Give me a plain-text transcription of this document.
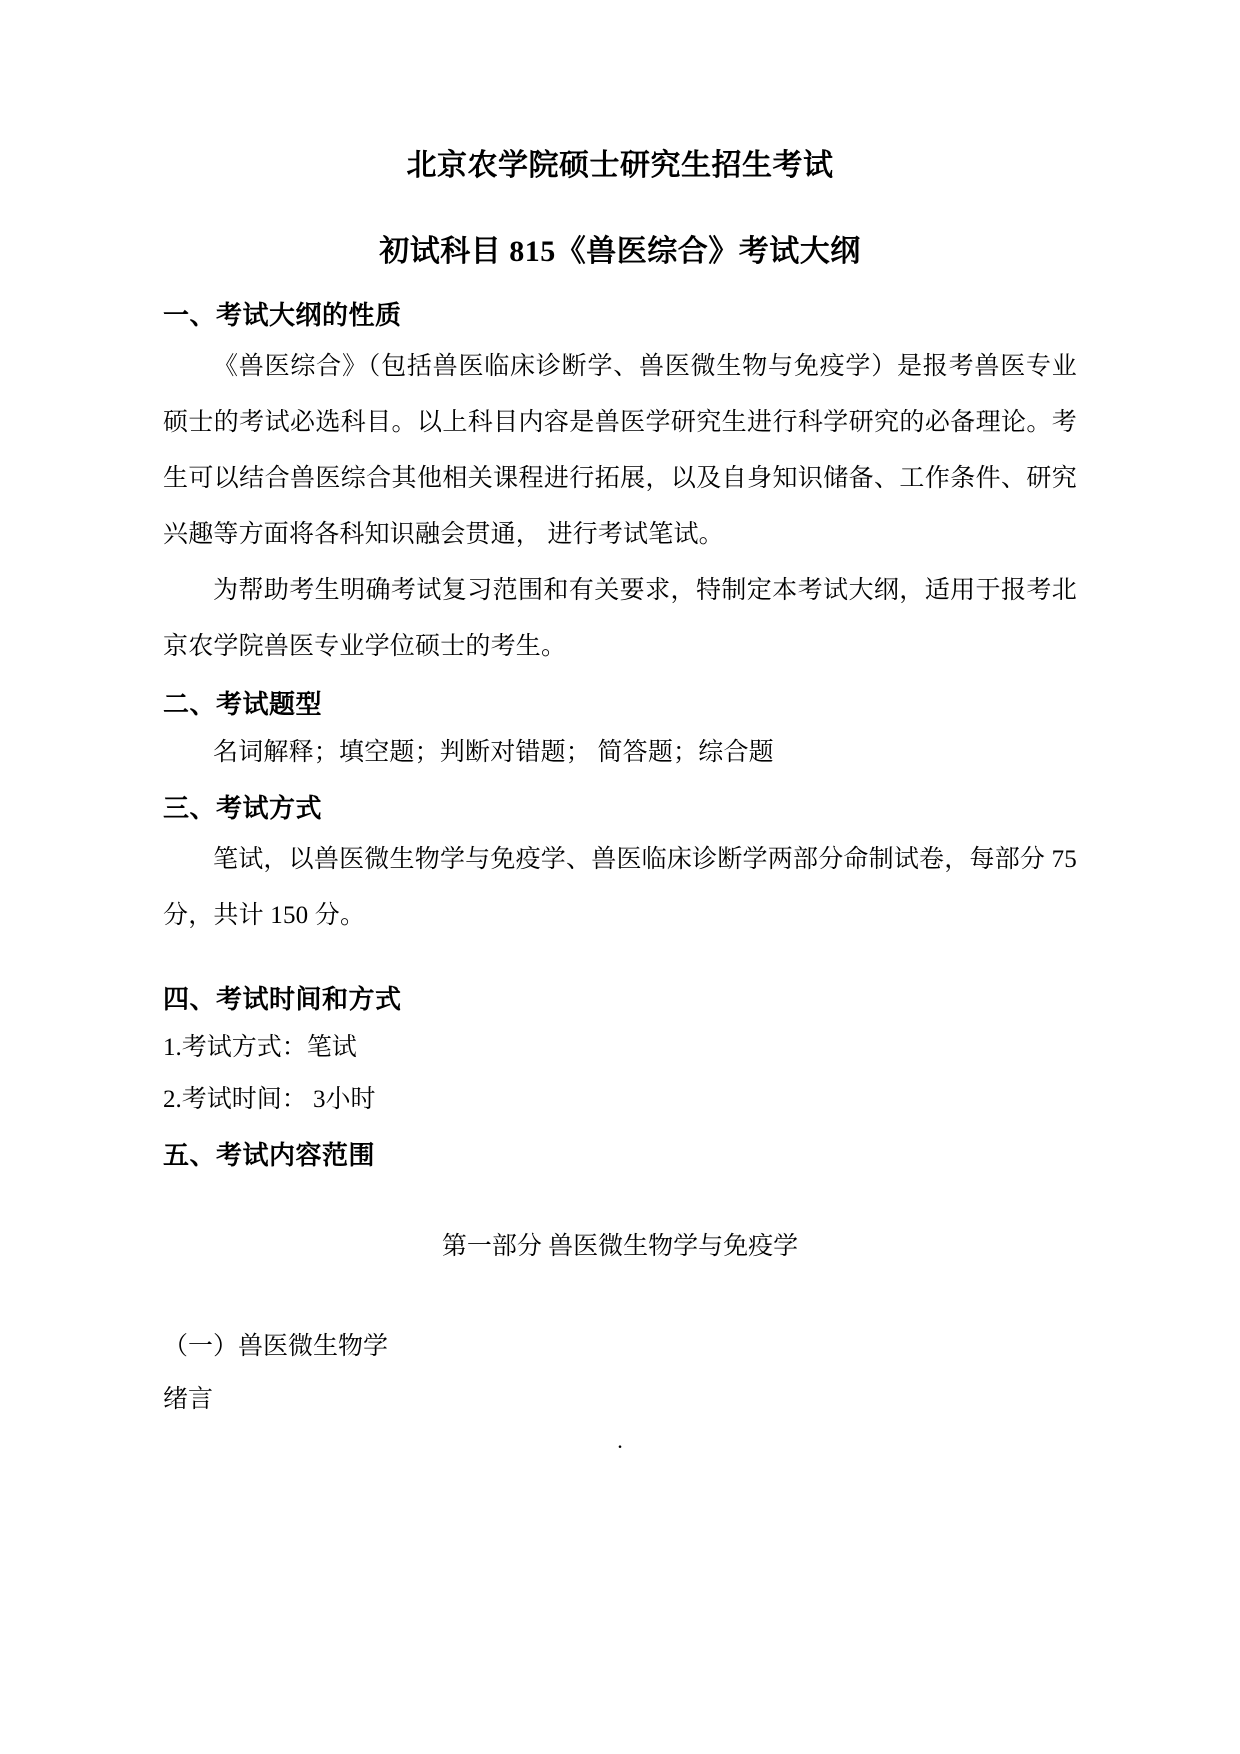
北京农学院硕士研究生招生考试
初试科目 815《兽医综合》考试大纲
一、考试大纲的性质

《兽医综合》（包括兽医临床诊断学、兽医微生物与免疫学）是报考兽医专业硕士的考试必选科目。以上科目内容是兽医学研究生进行科学研究的必备理论。考生可以结合兽医综合其他相关课程进行拓展，以及自身知识储备、工作条件、研究兴趣等方面将各科知识融会贯通， 进行考试笔试。

为帮助考生明确考试复习范围和有关要求，特制定本考试大纲，适用于报考北京农学院兽医专业学位硕士的考生。

二、考试题型

名词解释；填空题；判断对错题； 简答题；综合题

三、考试方式

笔试，以兽医微生物学与免疫学、兽医临床诊断学两部分命制试卷，每部分 75分，共计 150 分。

四、考试时间和方式

1.考试方式：笔试

2.考试时间： 3小时

五、考试内容范围

第一部分 兽医微生物学与免疫学

（一）兽医微生物学

绪言

.
